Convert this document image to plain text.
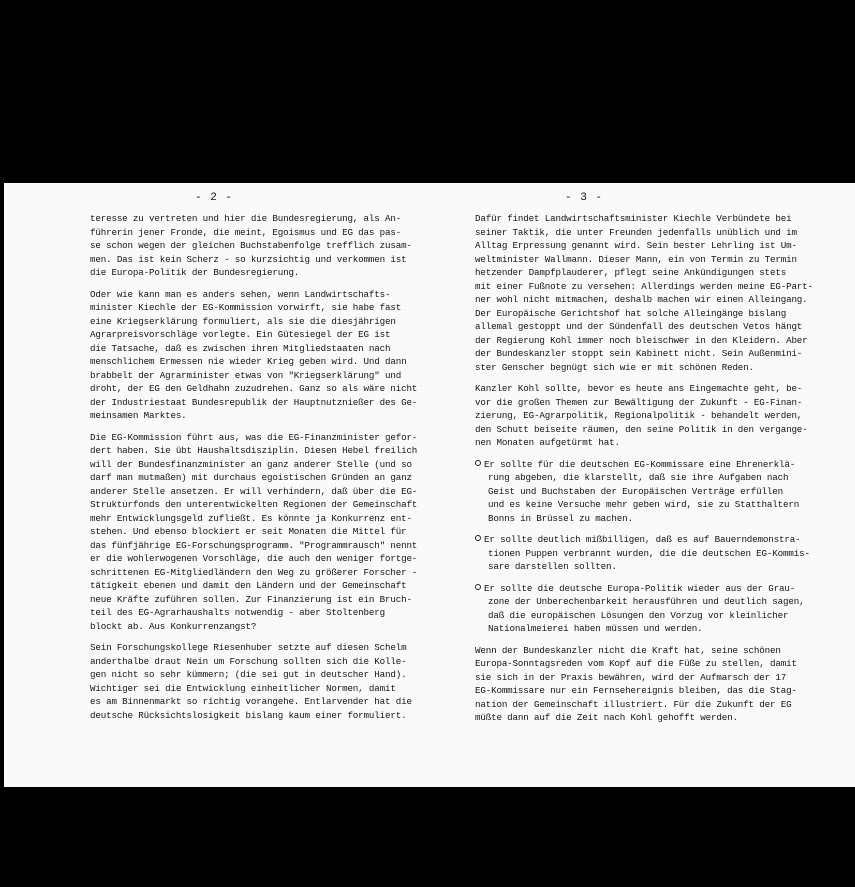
- 2 -	- 3 -
teresse zu vertreten und hier die Bundesregierung, als An-
führerin jener Fronde, die meint, Egoismus und EG das pas-
se schon wegen der gleichen Buchstabenfolge trefflich zusam-
men. Das ist kein Scherz - so kurzsichtig und verkommen ist
die Europa-Politik der Bundesregierung.
Oder wie kann man es anders sehen, wenn Landwirtschafts-
minister Kiechle der EG-Kommission vorwirft, sie habe fast
eine Kriegserklärung formuliert, als sie die diesjährigen
Agrarpreisvorschläge vorlegte. Ein Gütesiegel der EG ist
die Tatsache, daß es zwischen ihren Mitgliedstaaten nach
menschlichem Ermessen nie wieder Krieg geben wird. Und dann
brabbelt der Agrarminister etwas von "Kriegserklärung" und
droht, der EG den Geldhahn zuzudrehen. Ganz so als wäre nicht
der Industriestaat Bundesrepublik der Hauptnutznießer des Ge-
meinsamen Marktes.
Die EG-Kommission führt aus, was die EG-Finanzminister gefor-
dert haben. Sie übt Haushaltsdisziplin. Diesen Hebel freilich
will der Bundesfinanzminister an ganz anderer Stelle (und so
darf man mutmaßen) mit durchaus egoistischen Gründen an ganz
anderer Stelle ansetzen. Er will verhindern, daß über die EG-
Strukturfonds den unterentwickelten Regionen der Gemeinschaft
mehr Entwicklungsgeld zufließt. Es könnte ja Konkurrenz ent-
stehen. Und ebenso blockiert er seit Monaten die Mittel für
das fünfjährige EG-Forschungsprogramm. "Programmrausch" nennt
er die wohlerwogenen Vorschläge, die auch den weniger fortge-
schrittenen EG-Mitgliedländern den Weg zu größerer Forscher -
tätigkeit ebenen und damit den Ländern und der Gemeinschaft
neue Kräfte zuführen sollen. Zur Finanzierung ist ein Bruch-
teil des EG-Agrarhaushalts notwendig - aber Stoltenberg
blockt ab. Aus Konkurrenzangst?
Sein Forschungskollege Riesenhuber setzte auf diesen Schelm
anderthalbe draut Nein um Forschung sollten sich die Kolle-
gen nicht so sehr kümmern; (die sei gut in deutscher Hand).
Wichtiger sei die Entwicklung einheitlicher Normen, damit
es am Binnenmarkt so richtig vorangehe. Entlarvender hat die
deutsche Rücksichtslosigkeit bislang kaum einer formuliert.
Dafür findet Landwirtschaftsminister Kiechle Verbündete bei
seiner Taktik, die unter Freunden jedenfalls unüblich und im
Alltag Erpressung genannt wird. Sein bester Lehrling ist Um-
weltminister Wallmann. Dieser Mann, ein von Termin zu Termin
hetzender Dampfplauderer, pflegt seine Ankündigungen stets
mit einer Fußnote zu versehen: Allerdings werden meine EG-Part-
ner wohl nicht mitmachen, deshalb machen wir einen Alleingang.
Der Europäische Gerichtshof hat solche Alleingänge bislang
allemal gestoppt und der Sündenfall des deutschen Vetos hängt
der Regierung Kohl immer noch bleischwer in den Kleidern. Aber
der Bundeskanzler stoppt sein Kabinett nicht. Sein Außenmini-
ster Genscher begnügt sich wie er mit schönen Reden.
Kanzler Kohl sollte, bevor es heute ans Eingemachte geht, be-
vor die großen Themen zur Bewältigung der Zukunft - EG-Finan-
zierung, EG-Agrarpolitik, Regionalpolitik - behandelt werden,
den Schutt beiseite räumen, den seine Politik in den vergange-
nen Monaten aufgetürmt hat.
Er sollte für die deutschen EG-Kommissare eine Ehrenerklä-
rung abgeben, die klarstellt, daß sie ihre Aufgaben nach
Geist und Buchstaben der Europäischen Verträge erfüllen
und es keine Versuche mehr geben wird, sie zu Statthaltern
Bonns in Brüssel zu machen.
Er sollte deutlich mißbilligen, daß es auf Bauerndemonstra-
tionen Puppen verbrannt wurden, die die deutschen EG-Kommis-
sare darstellen sollten.
Er sollte die deutsche Europa-Politik wieder aus der Grau-
zone der Unberechenbarkeit herausführen und deutlich sagen,
daß die europäischen Lösungen den Vorzug vor kleinlicher
Nationalmeierei haben müssen und werden.
Wenn der Bundeskanzler nicht die Kraft hat, seine schönen
Europa-Sonntagsreden vom Kopf auf die Füße zu stellen, damit
sie sich in der Praxis bewähren, wird der Aufmarsch der 17
EG-Kommissare nur ein Fernsehereignis bleiben, das die Stag-
nation der Gemeinschaft illustriert. Für die Zukunft der EG
müßte dann auf die Zeit nach Kohl gehofft werden.
